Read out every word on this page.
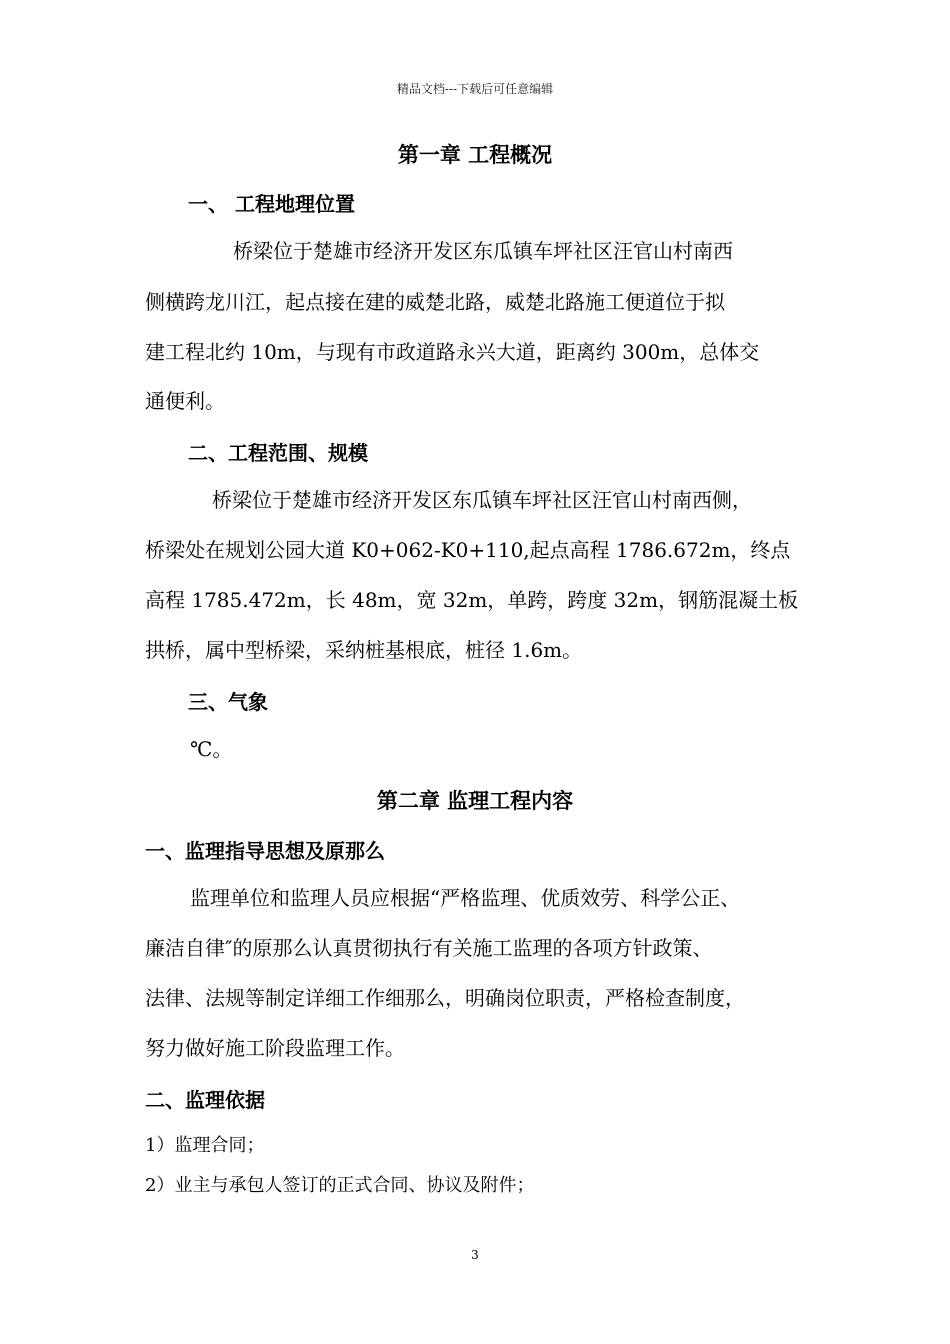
精品文档---下载后可任意编辑
第一章 工程概况
一、 工程地理位置
桥梁位于楚雄市经济开发区东瓜镇车坪社区汪官山村南西
侧横跨龙川江，起点接在建的威楚北路，威楚北路施工便道位于拟
建工程北约 10m，与现有市政道路永兴大道，距离约 300m，总体交
通便利。
二、工程范围、规模
桥梁位于楚雄市经济开发区东瓜镇车坪社区汪官山村南西侧，
桥梁处在规划公园大道 K0+062-K0+110,起点高程 1786.672m，终点
高程 1785.472m，长 48m，宽 32m，单跨，跨度 32m，钢筋混凝土板
拱桥，属中型桥梁，采纳桩基根底，桩径 1.6m。
三、气象
℃。
第二章 监理工程内容
一、监理指导思想及原那么
监理单位和监理人员应根据“严格监理、优质效劳、科学公正、
廉洁自律″的原那么认真贯彻执行有关施工监理的各项方针政策、
法律、法规等制定详细工作细那么，明确岗位职责，严格检查制度，
努力做好施工阶段监理工作。
二、监理依据
1）监理合同；
2）业主与承包人签订的正式合同、协议及附件；
3
